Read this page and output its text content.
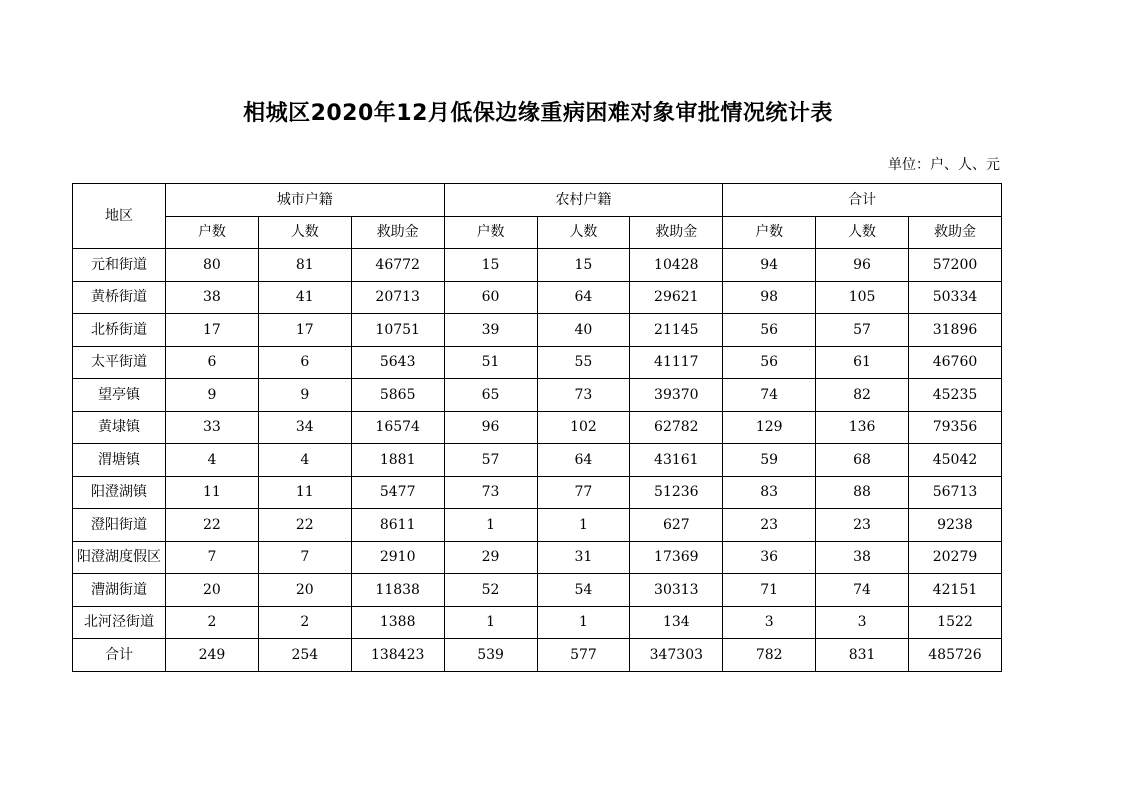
相城区2020年12月低保边缘重病困难对象审批情况统计表
单位：户、人、元
地区	城市户籍			农村户籍			合计		
	户数	人数	救助金	户数	人数	救助金	户数	人数	救助金

元和街道	80	81	46772	15	15	10428	94	96	57200

黄桥街道	38	41	20713	60	64	29621	98	105	50334

北桥街道	17	17	10751	39	40	21145	56	57	31896

太平街道	6	6	5643	51	55	41117	56	61	46760

望亭镇	9	9	5865	65	73	39370	74	82	45235

黄埭镇	33	34	16574	96	102	62782	129	136	79356

渭塘镇	4	4	1881	57	64	43161	59	68	45042

阳澄湖镇	11	11	5477	73	77	51236	83	88	56713

澄阳街道	22	22	8611	1	1	627	23	23	9238

阳澄湖度假区	7	7	2910	29	31	17369	36	38	20279

漕湖街道	20	20	11838	52	54	30313	71	74	42151

北河泾街道	2	2	1388	1	1	134	3	3	1522

合计	249	254	138423	539	577	347303	782	831	485726
